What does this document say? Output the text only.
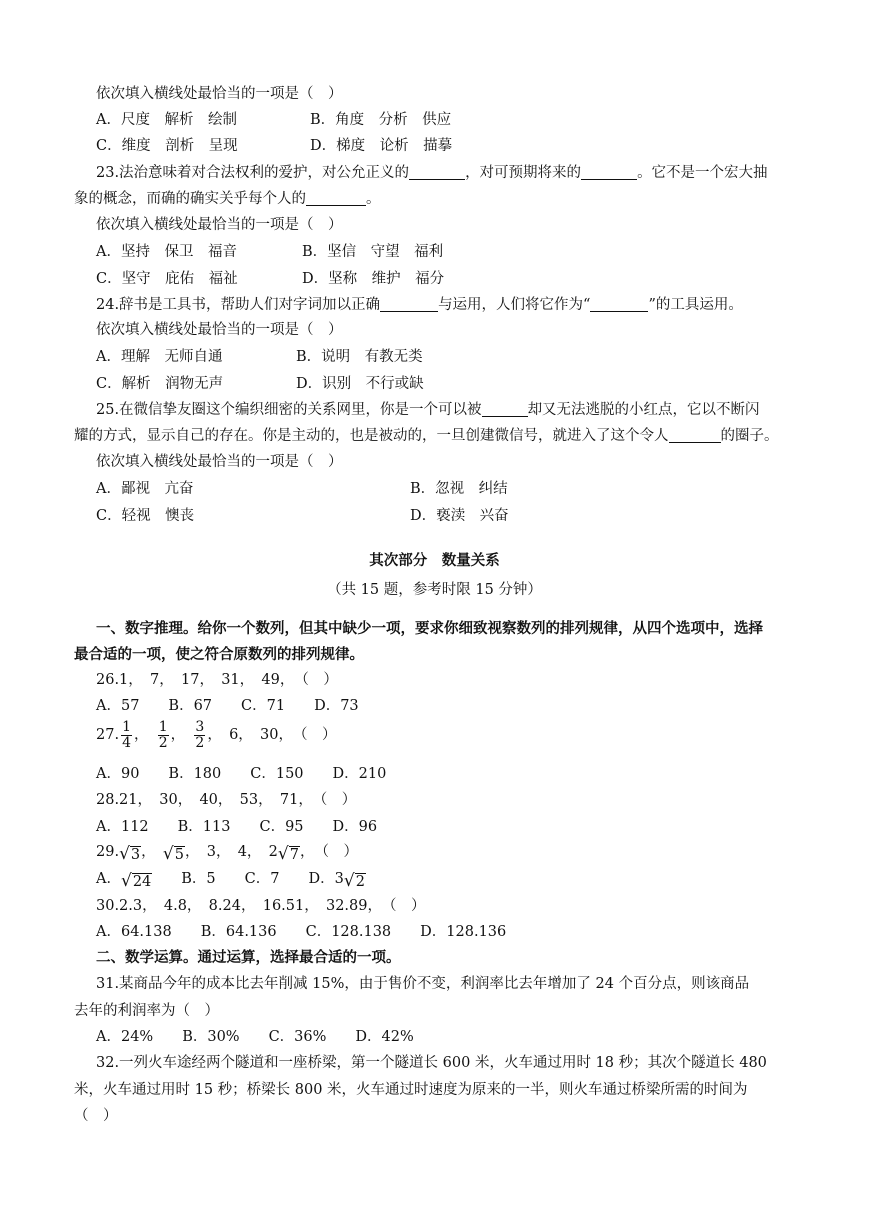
依次填入横线处最恰当的一项是（　）
A．尺度　解析　绘制	B．角度　分析　供应
C．维度　剖析　呈现	D．梯度　论析　描摹
23.法治意味着对合法权利的爱护，对公允正义的	，对可预期将来的	。它不是一个宏大抽
象的概念，而确的确实关乎每个人的	。
依次填入横线处最恰当的一项是（　）
A．坚持　保卫　福音	B．坚信　守望　福利
C．坚守　庇佑　福祉	D．坚称　维护　福分
24.辞书是工具书，帮助人们对字词加以正确	与运用，人们将它作为“	”的工具运用。
依次填入横线处最恰当的一项是（　）
A．理解　无师自通	B．说明　有教无类
C．解析　润物无声	D．识别　不行或缺
25.在微信挚友圈这个编织细密的关系网里，你是一个可以被	却又无法逃脱的小红点，它以不断闪
耀的方式，显示自己的存在。你是主动的，也是被动的，一旦创建微信号，就进入了这个令人	的圈子。
依次填入横线处最恰当的一项是（　）
A．鄙视　亢奋	B．忽视　纠结
C．轻视　懊丧	D．亵渎　兴奋
其次部分　数量关系
（共 15 题，参考时限 15 分钟）
一、数字推理。给你一个数列，但其中缺少一项，要求你细致视察数列的排列规律，从四个选项中，选择
最合适的一项，使之符合原数列的排列规律。
26.1，　7，　17，　31，　49，　（　）
A．57　　B．67　　C．71　　D．73
27. $\frac{1}{4}$ ，　 $\frac{1}{2}$ ，　 $\frac{3}{2}$ ，　6，　30，　（　）
A．90　　B．180　　C．150　　D．210
28.21，　30，　40，　53，　71，　（　）
A．112　　B．113　　C．95　　D．96
29. √ 3 ，　 √ 5 ，　3，　4，　2 √ 7 ，　（　）
A． √ 24 　　B．5　　C．7　　D．3 √ 2
30.2.3，　4.8，　8.24，　16.51，　32.89，　（　）
A．64.138　　B．64.136　　C．128.138　　D．128.136
二、数学运算。通过运算，选择最合适的一项。
31.某商品今年的成本比去年削减 15%，由于售价不变，利润率比去年增加了 24 个百分点，则该商品
去年的利润率为（　）
A．24%　　B．30%　　C．36%　　D．42%
32.一列火车途经两个隧道和一座桥梁，第一个隧道长 600 米，火车通过用时 18 秒；其次个隧道长 480
米，火车通过用时 15 秒；桥梁长 800 米，火车通过时速度为原来的一半，则火车通过桥梁所需的时间为
（　）
